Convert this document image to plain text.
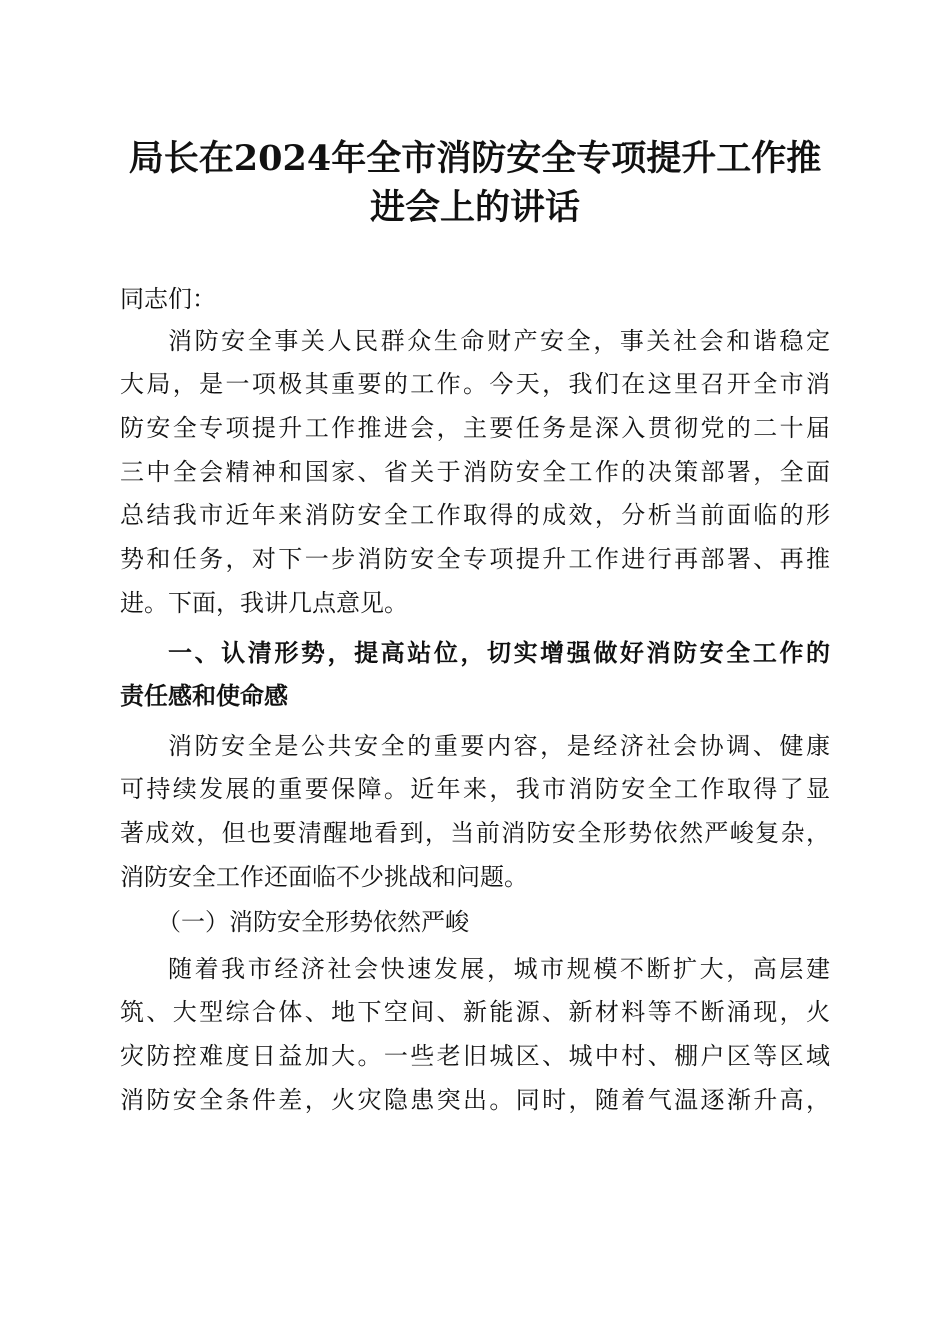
局长在2024年全市消防安全专项提升工作推
进会上的讲话
同志们：
消防安全事关人民群众生命财产安全，事关社会和谐稳定
大局，是一项极其重要的工作。今天，我们在这里召开全市消
防安全专项提升工作推进会，主要任务是深入贯彻党的二十届
三中全会精神和国家、省关于消防安全工作的决策部署，全面
总结我市近年来消防安全工作取得的成效，分析当前面临的形
势和任务，对下一步消防安全专项提升工作进行再部署、再推
进。下面，我讲几点意见。
一、认清形势，提高站位，切实增强做好消防安全工作的
责任感和使命感
消防安全是公共安全的重要内容，是经济社会协调、健康
可持续发展的重要保障。近年来，我市消防安全工作取得了显
著成效，但也要清醒地看到，当前消防安全形势依然严峻复杂，
消防安全工作还面临不少挑战和问题。
（一）消防安全形势依然严峻
随着我市经济社会快速发展，城市规模不断扩大，高层建
筑、大型综合体、地下空间、新能源、新材料等不断涌现，火
灾防控难度日益加大。一些老旧城区、城中村、棚户区等区域
消防安全条件差，火灾隐患突出。同时，随着气温逐渐升高，
